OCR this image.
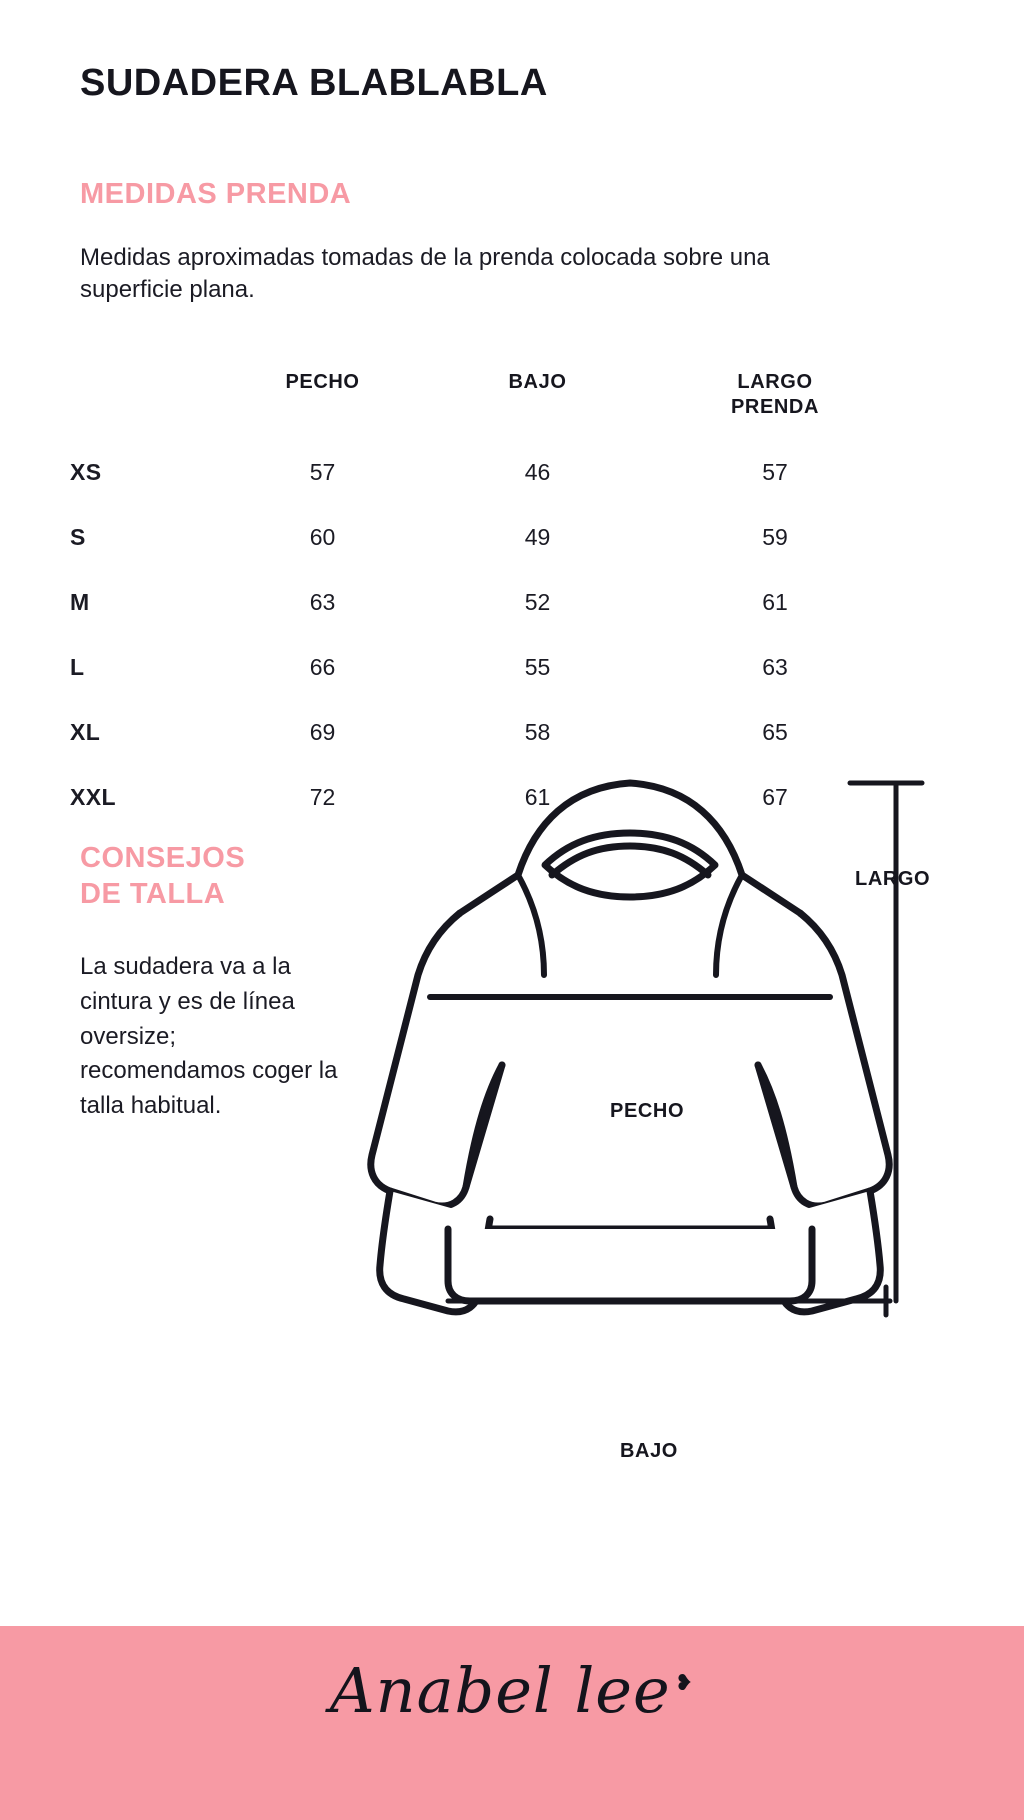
SUDADERA BLABLABLA
MEDIDAS PRENDA
Medidas aproximadas tomadas de la prenda colocada sobre una superficie plana.
PECHO	BAJO	LARGO
PRENDA
XS	57	46	57
S	60	49	59
M	63	52	61
L	66	55	63
XL	69	58	65
XXL	72	61	67
CONSEJOS
DE TALLA
La sudadera va a la cintura y es de línea oversize; recomendamos coger la talla habitual.
LARGO
PECHO
BAJO
Anabel lee ❥
